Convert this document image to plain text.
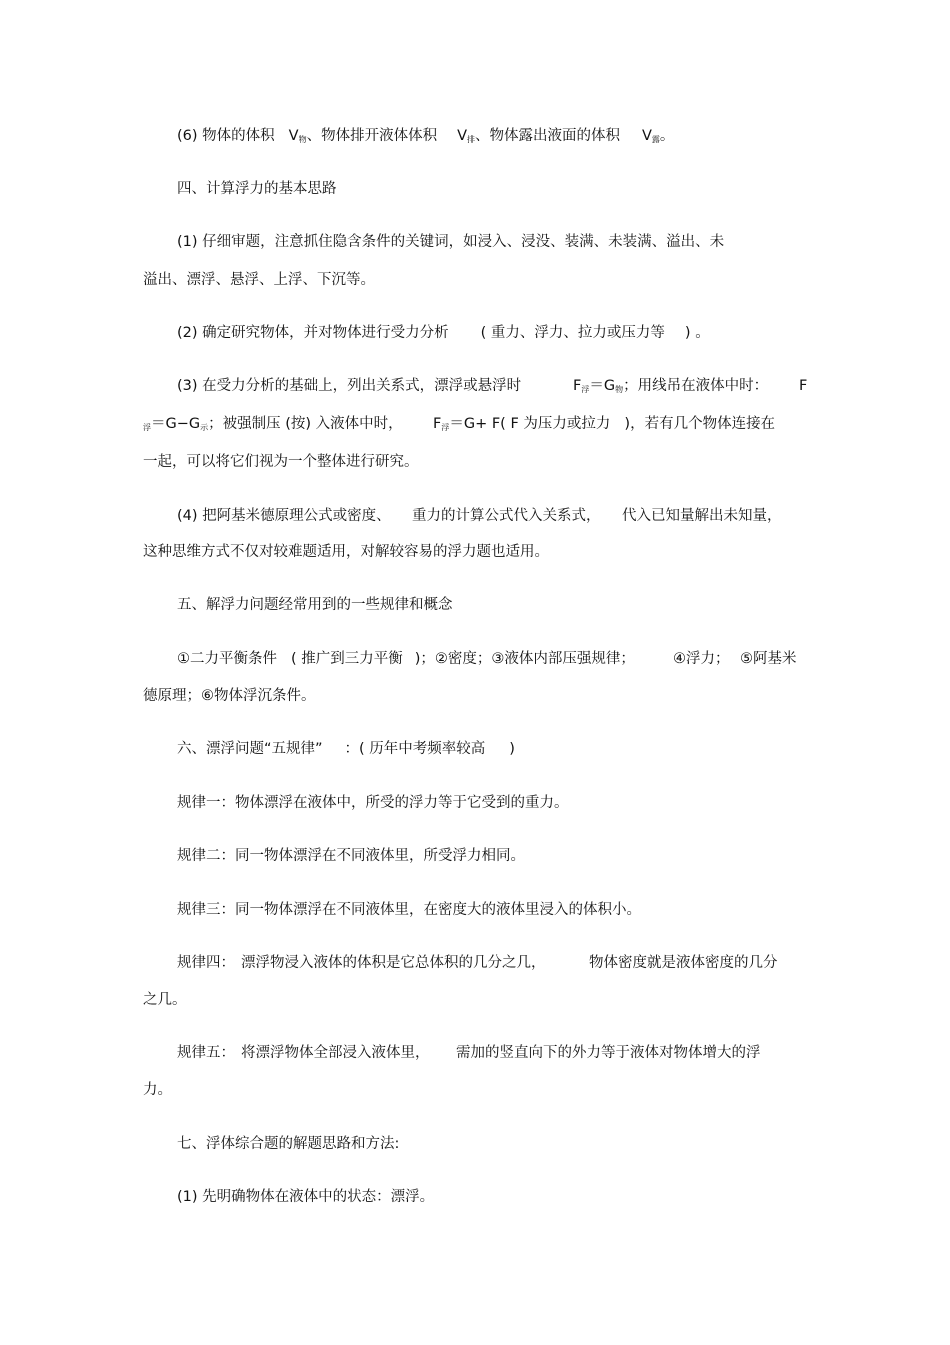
(6) 物体的体积 $V_物$、物体排开液体体积 $V_排$、物体露出液面的体积 $V_露$。
四、计算浮力的基本思路
(1) 仔细审题，注意抓住隐含条件的关键词，如浸入、浸没、装满、未装满、溢出、未
溢出、漂浮、悬浮、上浮、下沉等。
(2) 确定研究物体，并对物体进行受力分析 ( 重力、浮力、拉力或压力等 ) 。
(3) 在受力分析的基础上，列出关系式，漂浮或悬浮时	$F_浮=G_物$；用线吊在液体中时： F
$_浮=G-G_示$；被强制压 (按) 入液体中时， $F_浮=G+ F$( F 为压力或拉力 )，若有几个物体连接在
一起，可以将它们视为一个整体进行研究。
(4) 把阿基米德原理公式或密度、 重力的计算公式代入关系式， 代入已知量解出未知量，
这种思维方式不仅对较难题适用，对解较容易的浮力题也适用。
五、解浮力问题经常用到的一些规律和概念
①二力平衡条件 ( 推广到三力平衡 )；②密度；③液体内部压强规律；	④浮力； ⑤阿基米
德原理；⑥物体浮沉条件。
六、漂浮问题“五规律” ：( 历年中考频率较高 )
规律一：物体漂浮在液体中，所受的浮力等于它受到的重力。
规律二：同一物体漂浮在不同液体里，所受浮力相同。
规律三：同一物体漂浮在不同液体里，在密度大的液体里浸入的体积小。
规律四： 漂浮物浸入液体的体积是它总体积的几分之几，	物体密度就是液体密度的几分
之几。
规律五： 将漂浮物体全部浸入液体里， 需加的竖直向下的外力等于液体对物体增大的浮
力。
七、浮体综合题的解题思路和方法:
(1) 先明确物体在液体中的状态：漂浮。
